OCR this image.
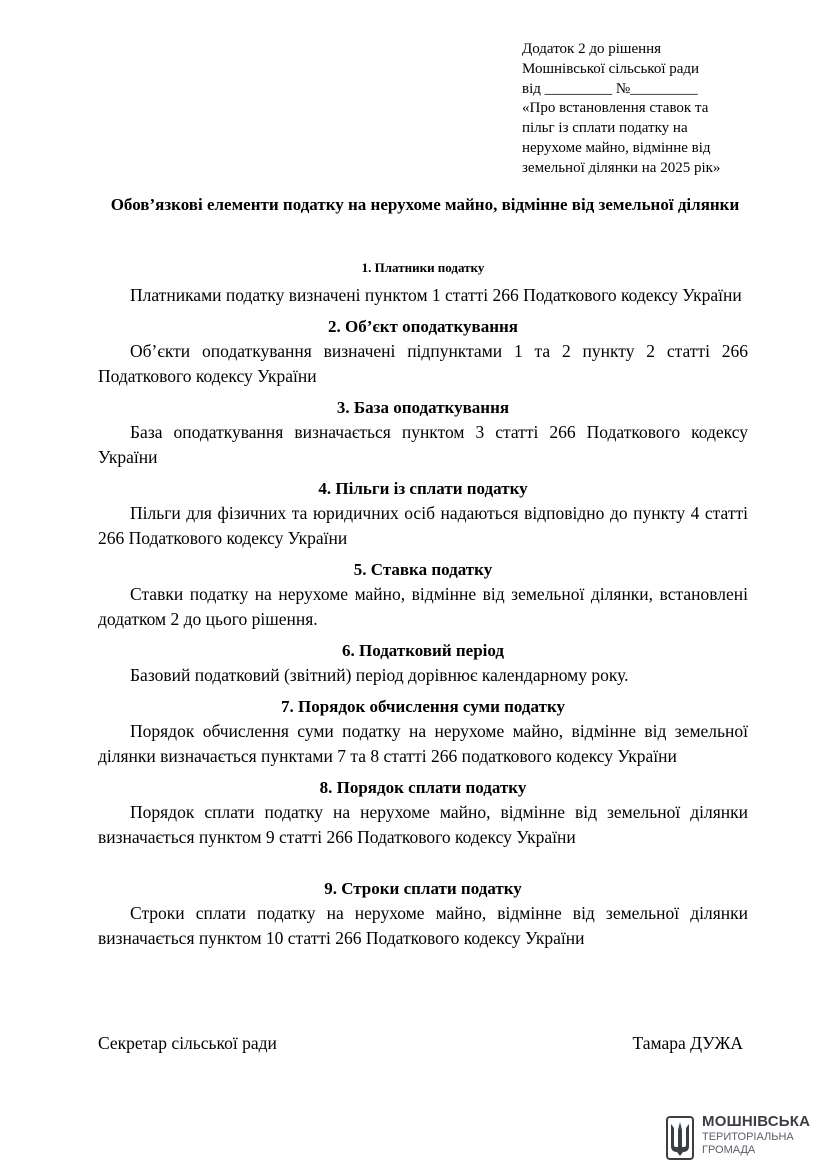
Додаток 2 до рішення
Мошнівської сільської ради
від _________ №_________
«Про встановлення ставок та
пільг із сплати податку на
нерухоме майно, відмінне від
земельної ділянки на 2025 рік»
Обов’язкові елементи податку на нерухоме майно, відмінне від земельної ділянки
1. Платники податку
Платниками податку визначені пунктом 1 статті 266 Податкового кодексу України
2. Об’єкт оподаткування
Об’єкти оподаткування визначені підпунктами 1 та 2 пункту 2 статті 266 Податкового кодексу України
3. База оподаткування
База оподаткування визначається пунктом 3 статті 266 Податкового кодексу України
4. Пільги із сплати податку
Пільги для фізичних та юридичних осіб надаються відповідно до пункту 4 статті 266 Податкового кодексу України
5. Ставка податку
Ставки податку на нерухоме майно, відмінне від земельної ділянки, встановлені додатком 2 до цього рішення.
6. Податковий період
Базовий податковий (звітний) період дорівнює календарному року.
7. Порядок обчислення суми податку
Порядок обчислення суми податку на нерухоме майно, відмінне від земельної ділянки визначається пунктами 7 та 8 статті 266 податкового кодексу України
8. Порядок сплати податку
Порядок сплати податку на нерухоме майно, відмінне від земельної ділянки визначається пунктом 9 статті 266 Податкового кодексу України
9. Строки сплати податку
Строки сплати податку на нерухоме майно, відмінне від земельної ділянки визначається пунктом 10 статті 266 Податкового кодексу України
Секретар сільської ради	Тамара ДУЖА
МОШНІВСЬКА
ТЕРИТОРІАЛЬНА
ГРОМАДА
